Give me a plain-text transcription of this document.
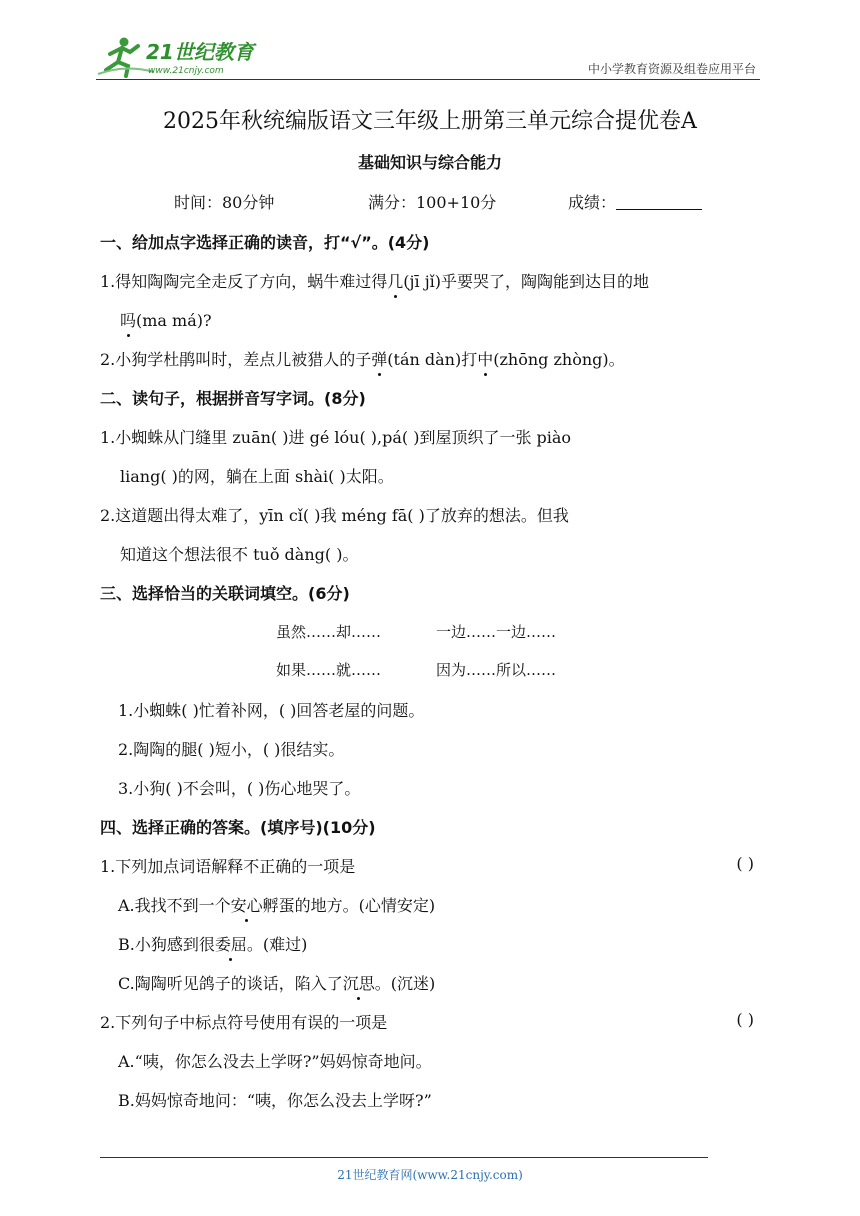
21世纪教育
www.21cnjy.com	中小学教育资源及组卷应用平台
2025年秋统编版语文三年级上册第三单元综合提优卷A
基础知识与综合能力
时间：80分钟	满分：100+10分	成绩：
一、给加点字选择正确的读音，打“√”。(4分)
1.得知陶陶完全走反了方向，蜗牛难过得几(jī jǐ)乎要哭了，陶陶能到达目的地
吗(ma má)?
2.小狗学杜鹃叫时，差点儿被猎人的子弹(tán dàn)打中(zhōng zhòng)。
二、读句子，根据拼音写字词。(8分)
1.小蜘蛛从门缝里 zuān( )进 gé lóu( ),pá( )到屋顶织了一张 piào
liang( )的网，躺在上面 shài( )太阳。
2.这道题出得太难了，yīn cǐ( )我 méng fā( )了放弃的想法。但我
知道这个想法很不 tuǒ dàng( )。
三、选择恰当的关联词填空。(6分)
虽然……却……	一边……一边……
如果……就……	因为……所以……
1.小蜘蛛( )忙着补网，( )回答老屋的问题。
2.陶陶的腿( )短小，( )很结实。
3.小狗( )不会叫，( )伤心地哭了。
四、选择正确的答案。(填序号)(10分)
1.下列加点词语解释不正确的一项是	( )
A.我找不到一个安心孵蛋的地方。(心情安定)
B.小狗感到很委屈。(难过)
C.陶陶听见鸽子的谈话，陷入了沉思。(沉迷)
2.下列句子中标点符号使用有误的一项是	( )
A.“咦，你怎么没去上学呀?”妈妈惊奇地问。
B.妈妈惊奇地问：“咦，你怎么没去上学呀?”
21世纪教育网(www.21cnjy.com)
